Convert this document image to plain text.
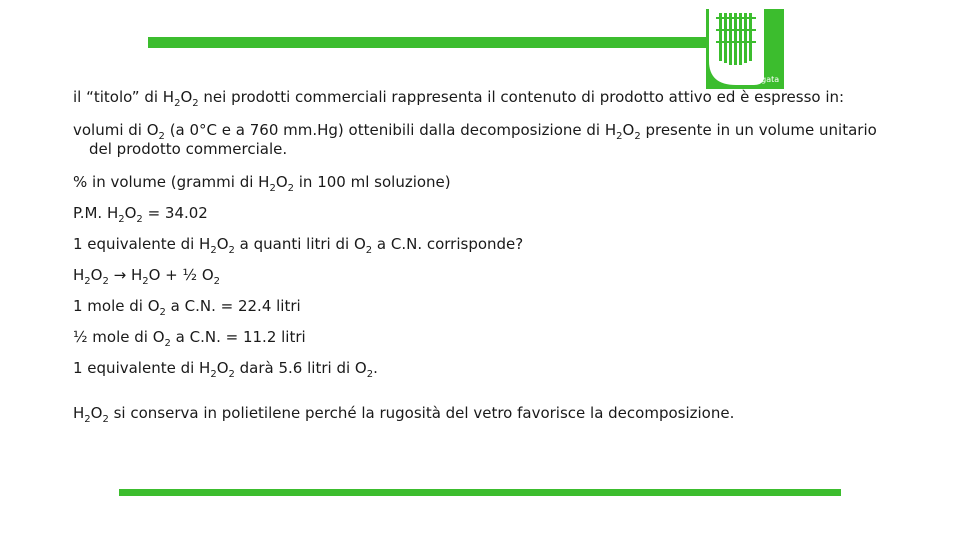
Tor Vergata

il “titolo” di $H_2O_2$ nei prodotti commerciali rappresenta il contenuto di prodotto attivo ed è espresso in:

volumi di $O_2$ (a 0°C e a 760 mm.Hg) ottenibili dalla decomposizione di $H_2O_2$ presente in un volume unitario del prodotto commerciale.

% in volume (grammi di $H_2O_2$ in 100 ml soluzione)

P.M. $H_2O_2 = 34.02$

1 equivalente di $H_2O_2$ a quanti litri di $O_2$ a C.N. corrisponde?

$H_2O_2 \to H_2O$ + ½ $O_2$

1 mole di $O_2$ a C.N. = 22.4 litri

½ mole di $O_2$ a C.N. = 11.2 litri

1 equivalente di $H_2O_2$ darà 5.6 litri di $O_2$.

$H_2O_2$ si conserva in polietilene perché la rugosità del vetro favorisce la decomposizione.
